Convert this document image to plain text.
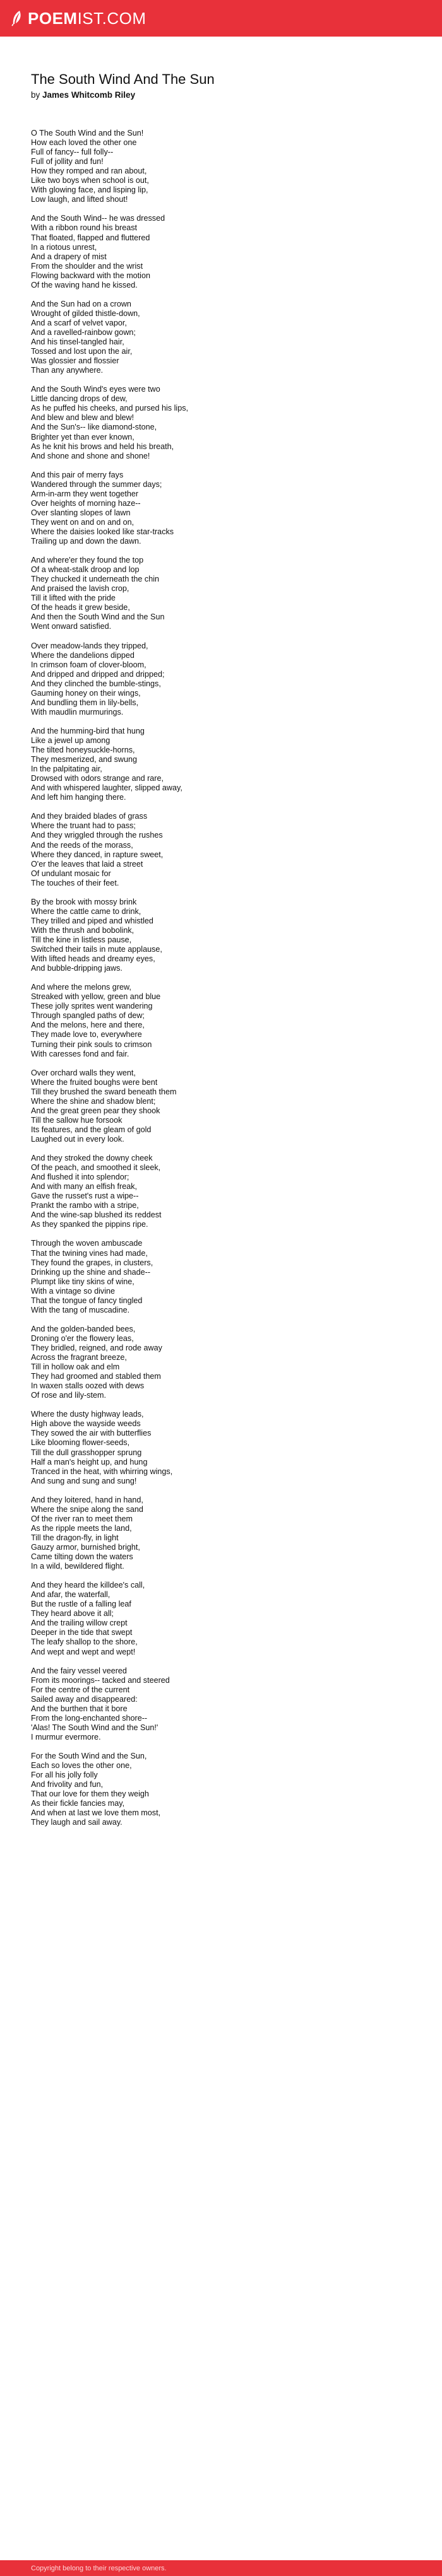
POEMIST.COM
The South Wind And The Sun
by James Whitcomb Riley
O The South Wind and the Sun!
How each loved the other one
Full of fancy-- full folly--
Full of jollity and fun!
How they romped and ran about,
Like two boys when school is out,
With glowing face, and lisping lip,
Low laugh, and lifted shout!
And the South Wind-- he was dressed
With a ribbon round his breast
That floated, flapped and fluttered
In a riotous unrest,
And a drapery of mist
From the shoulder and the wrist
Flowing backward with the motion
Of the waving hand he kissed.
And the Sun had on a crown
Wrought of gilded thistle-down,
And a scarf of velvet vapor,
And a ravelled-rainbow gown;
And his tinsel-tangled hair,
Tossed and lost upon the air,
Was glossier and flossier
Than any anywhere.
And the South Wind's eyes were two
Little dancing drops of dew,
As he puffed his cheeks, and pursed his lips,
And blew and blew and blew!
And the Sun's-- like diamond-stone,
Brighter yet than ever known,
As he knit his brows and held his breath,
And shone and shone and shone!
And this pair of merry fays
Wandered through the summer days;
Arm-in-arm they went together
Over heights of morning haze--
Over slanting slopes of lawn
They went on and on and on,
Where the daisies looked like star-tracks
Trailing up and down the dawn.
And where'er they found the top
Of a wheat-stalk droop and lop
They chucked it underneath the chin
And praised the lavish crop,
Till it lifted with the pride
Of the heads it grew beside,
And then the South Wind and the Sun
Went onward satisfied.
Over meadow-lands they tripped,
Where the dandelions dipped
In crimson foam of clover-bloom,
And dripped and dripped and dripped;
And they clinched the bumble-stings,
Gauming honey on their wings,
And bundling them in lily-bells,
With maudlin murmurings.
And the humming-bird that hung
Like a jewel up among
The tilted honeysuckle-horns,
They mesmerized, and swung
In the palpitating air,
Drowsed with odors strange and rare,
And with whispered laughter, slipped away,
And left him hanging there.
And they braided blades of grass
Where the truant had to pass;
And they wriggled through the rushes
And the reeds of the morass,
Where they danced, in rapture sweet,
O'er the leaves that laid a street
Of undulant mosaic for
The touches of their feet.
By the brook with mossy brink
Where the cattle came to drink,
They trilled and piped and whistled
With the thrush and bobolink,
Till the kine in listless pause,
Switched their tails in mute applause,
With lifted heads and dreamy eyes,
And bubble-dripping jaws.
And where the melons grew,
Streaked with yellow, green and blue
These jolly sprites went wandering
Through spangled paths of dew;
And the melons, here and there,
They made love to, everywhere
Turning their pink souls to crimson
With caresses fond and fair.
Over orchard walls they went,
Where the fruited boughs were bent
Till they brushed the sward beneath them
Where the shine and shadow blent;
And the great green pear they shook
Till the sallow hue forsook
Its features, and the gleam of gold
Laughed out in every look.
And they stroked the downy cheek
Of the peach, and smoothed it sleek,
And flushed it into splendor;
And with many an elfish freak,
Gave the russet's rust a wipe--
Prankt the rambo with a stripe,
And the wine-sap blushed its reddest
As they spanked the pippins ripe.
Through the woven ambuscade
That the twining vines had made,
They found the grapes, in clusters,
Drinking up the shine and shade--
Plumpt like tiny skins of wine,
With a vintage so divine
That the tongue of fancy tingled
With the tang of muscadine.
And the golden-banded bees,
Droning o'er the flowery leas,
They bridled, reigned, and rode away
Across the fragrant breeze,
Till in hollow oak and elm
They had groomed and stabled them
In waxen stalls oozed with dews
Of rose and lily-stem.
Where the dusty highway leads,
High above the wayside weeds
They sowed the air with butterflies
Like blooming flower-seeds,
Till the dull grasshopper sprung
Half a man's height up, and hung
Tranced in the heat, with whirring wings,
And sung and sung and sung!
And they loitered, hand in hand,
Where the snipe along the sand
Of the river ran to meet them
As the ripple meets the land,
Till the dragon-fly, in light
Gauzy armor, burnished bright,
Came tilting down the waters
In a wild, bewildered flight.
And they heard the killdee's call,
And afar, the waterfall,
But the rustle of a falling leaf
They heard above it all;
And the trailing willow crept
Deeper in the tide that swept
The leafy shallop to the shore,
And wept and wept and wept!
And the fairy vessel veered
From its moorings-- tacked and steered
For the centre of the current
Sailed away and disappeared:
And the burthen that it bore
From the long-enchanted shore--
'Alas! The South Wind and the Sun!'
I murmur evermore.
For the South Wind and the Sun,
Each so loves the other one,
For all his jolly folly
And frivolity and fun,
That our love for them they weigh
As their fickle fancies may,
And when at last we love them most,
They laugh and sail away.
Copyright belong to their respective owners.
